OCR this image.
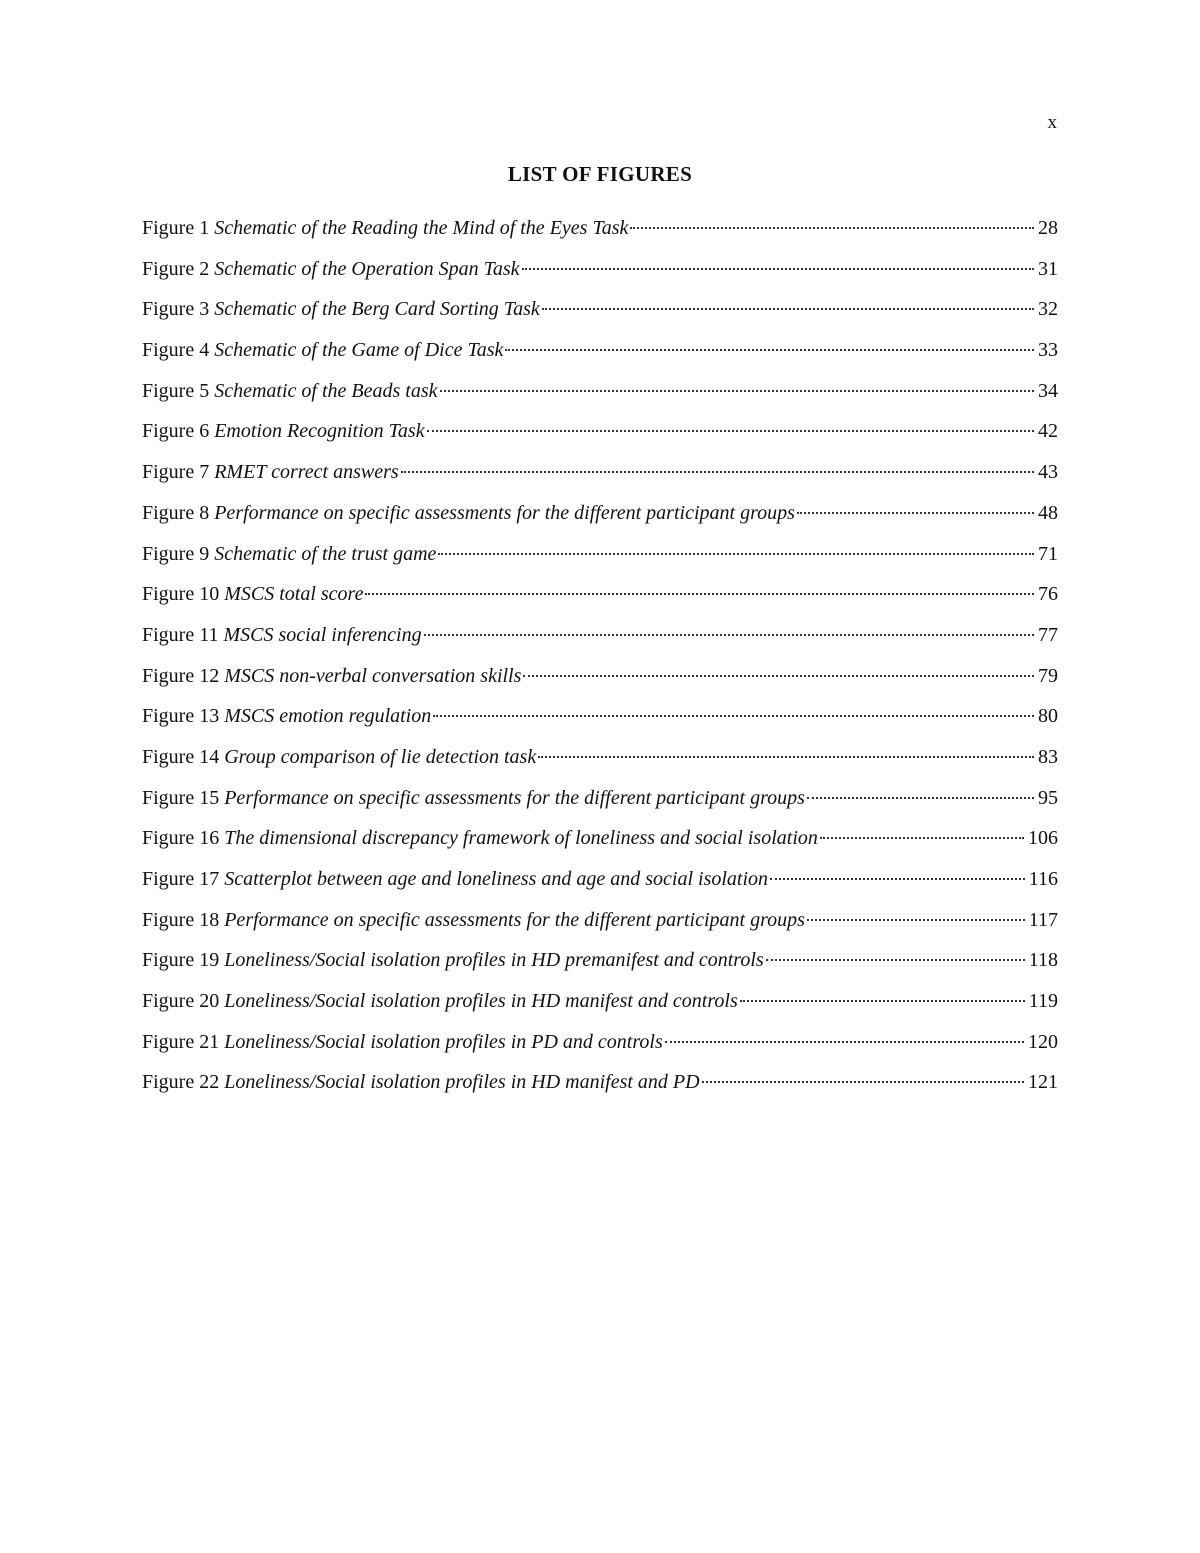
x
LIST OF FIGURES
Figure 1 Schematic of the Reading the Mind of the Eyes Task	28
Figure 2 Schematic of the Operation Span Task	31
Figure 3 Schematic of the Berg Card Sorting Task	32
Figure 4 Schematic of the Game of Dice Task	33
Figure 5 Schematic of the Beads task	34
Figure 6 Emotion Recognition Task	42
Figure 7 RMET correct answers	43
Figure 8 Performance on specific assessments for the different participant groups	48
Figure 9 Schematic of the trust game	71
Figure 10 MSCS total score	76
Figure 11 MSCS social inferencing	77
Figure 12 MSCS non-verbal conversation skills	79
Figure 13 MSCS emotion regulation	80
Figure 14 Group comparison of lie detection task	83
Figure 15 Performance on specific assessments for the different participant groups	95
Figure 16 The dimensional discrepancy framework of loneliness and social isolation	106
Figure 17 Scatterplot between age and loneliness and age and social isolation	116
Figure 18 Performance on specific assessments for the different participant groups	117
Figure 19 Loneliness/Social isolation profiles in HD premanifest and controls	118
Figure 20 Loneliness/Social isolation profiles in HD manifest and controls	119
Figure 21 Loneliness/Social isolation profiles in PD and controls	120
Figure 22 Loneliness/Social isolation profiles in HD manifest and PD	121
